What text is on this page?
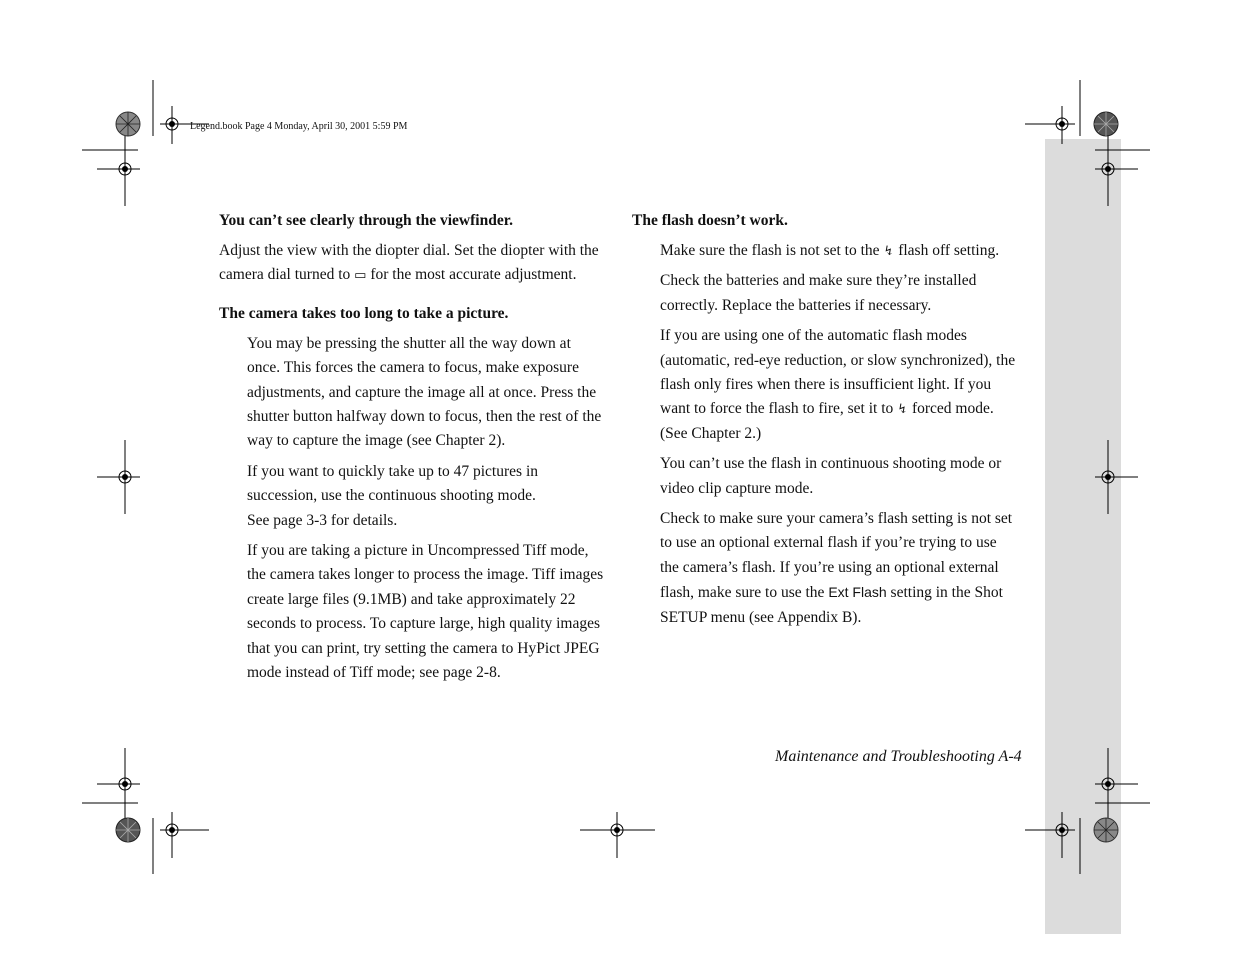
Legend.book Page 4 Monday, April 30, 2001 5:59 PM

You can’t see clearly through the viewfinder.

Adjust the view with the diopter dial. Set the diopter with the camera dial turned to ▭ for the most accurate adjustment.

The camera takes too long to take a picture.

You may be pressing the shutter all the way down at once. This forces the camera to focus, make exposure adjustments, and capture the image all at once. Press the shutter button halfway down to focus, then the rest of the way to capture the image (see Chapter 2).

If you want to quickly take up to 47 pictures in succession, use the continuous shooting mode.
See page 3-3 for details.

If you are taking a picture in Uncompressed Tiff mode, the camera takes longer to process the image. Tiff images create large files (9.1MB) and take approximately 22 seconds to process. To capture large, high quality images that you can print, try setting the camera to HyPict JPEG mode instead of Tiff mode; see page 2-8.

The flash doesn’t work.

Make sure the flash is not set to the ↯ flash off setting.

Check the batteries and make sure they’re installed correctly. Replace the batteries if necessary.

If you are using one of the automatic flash modes (automatic, red-eye reduction, or slow synchronized), the flash only fires when there is insufficient light. If you want to force the flash to fire, set it to ↯ forced mode. (See Chapter 2.)

You can’t use the flash in continuous shooting mode or video clip capture mode.

Check to make sure your camera’s flash setting is not set to use an optional external flash if you’re trying to use the camera’s flash. If you’re using an optional external flash, make sure to use the Ext Flash setting in the Shot SETUP menu (see Appendix B).

Maintenance and Troubleshooting A-4
